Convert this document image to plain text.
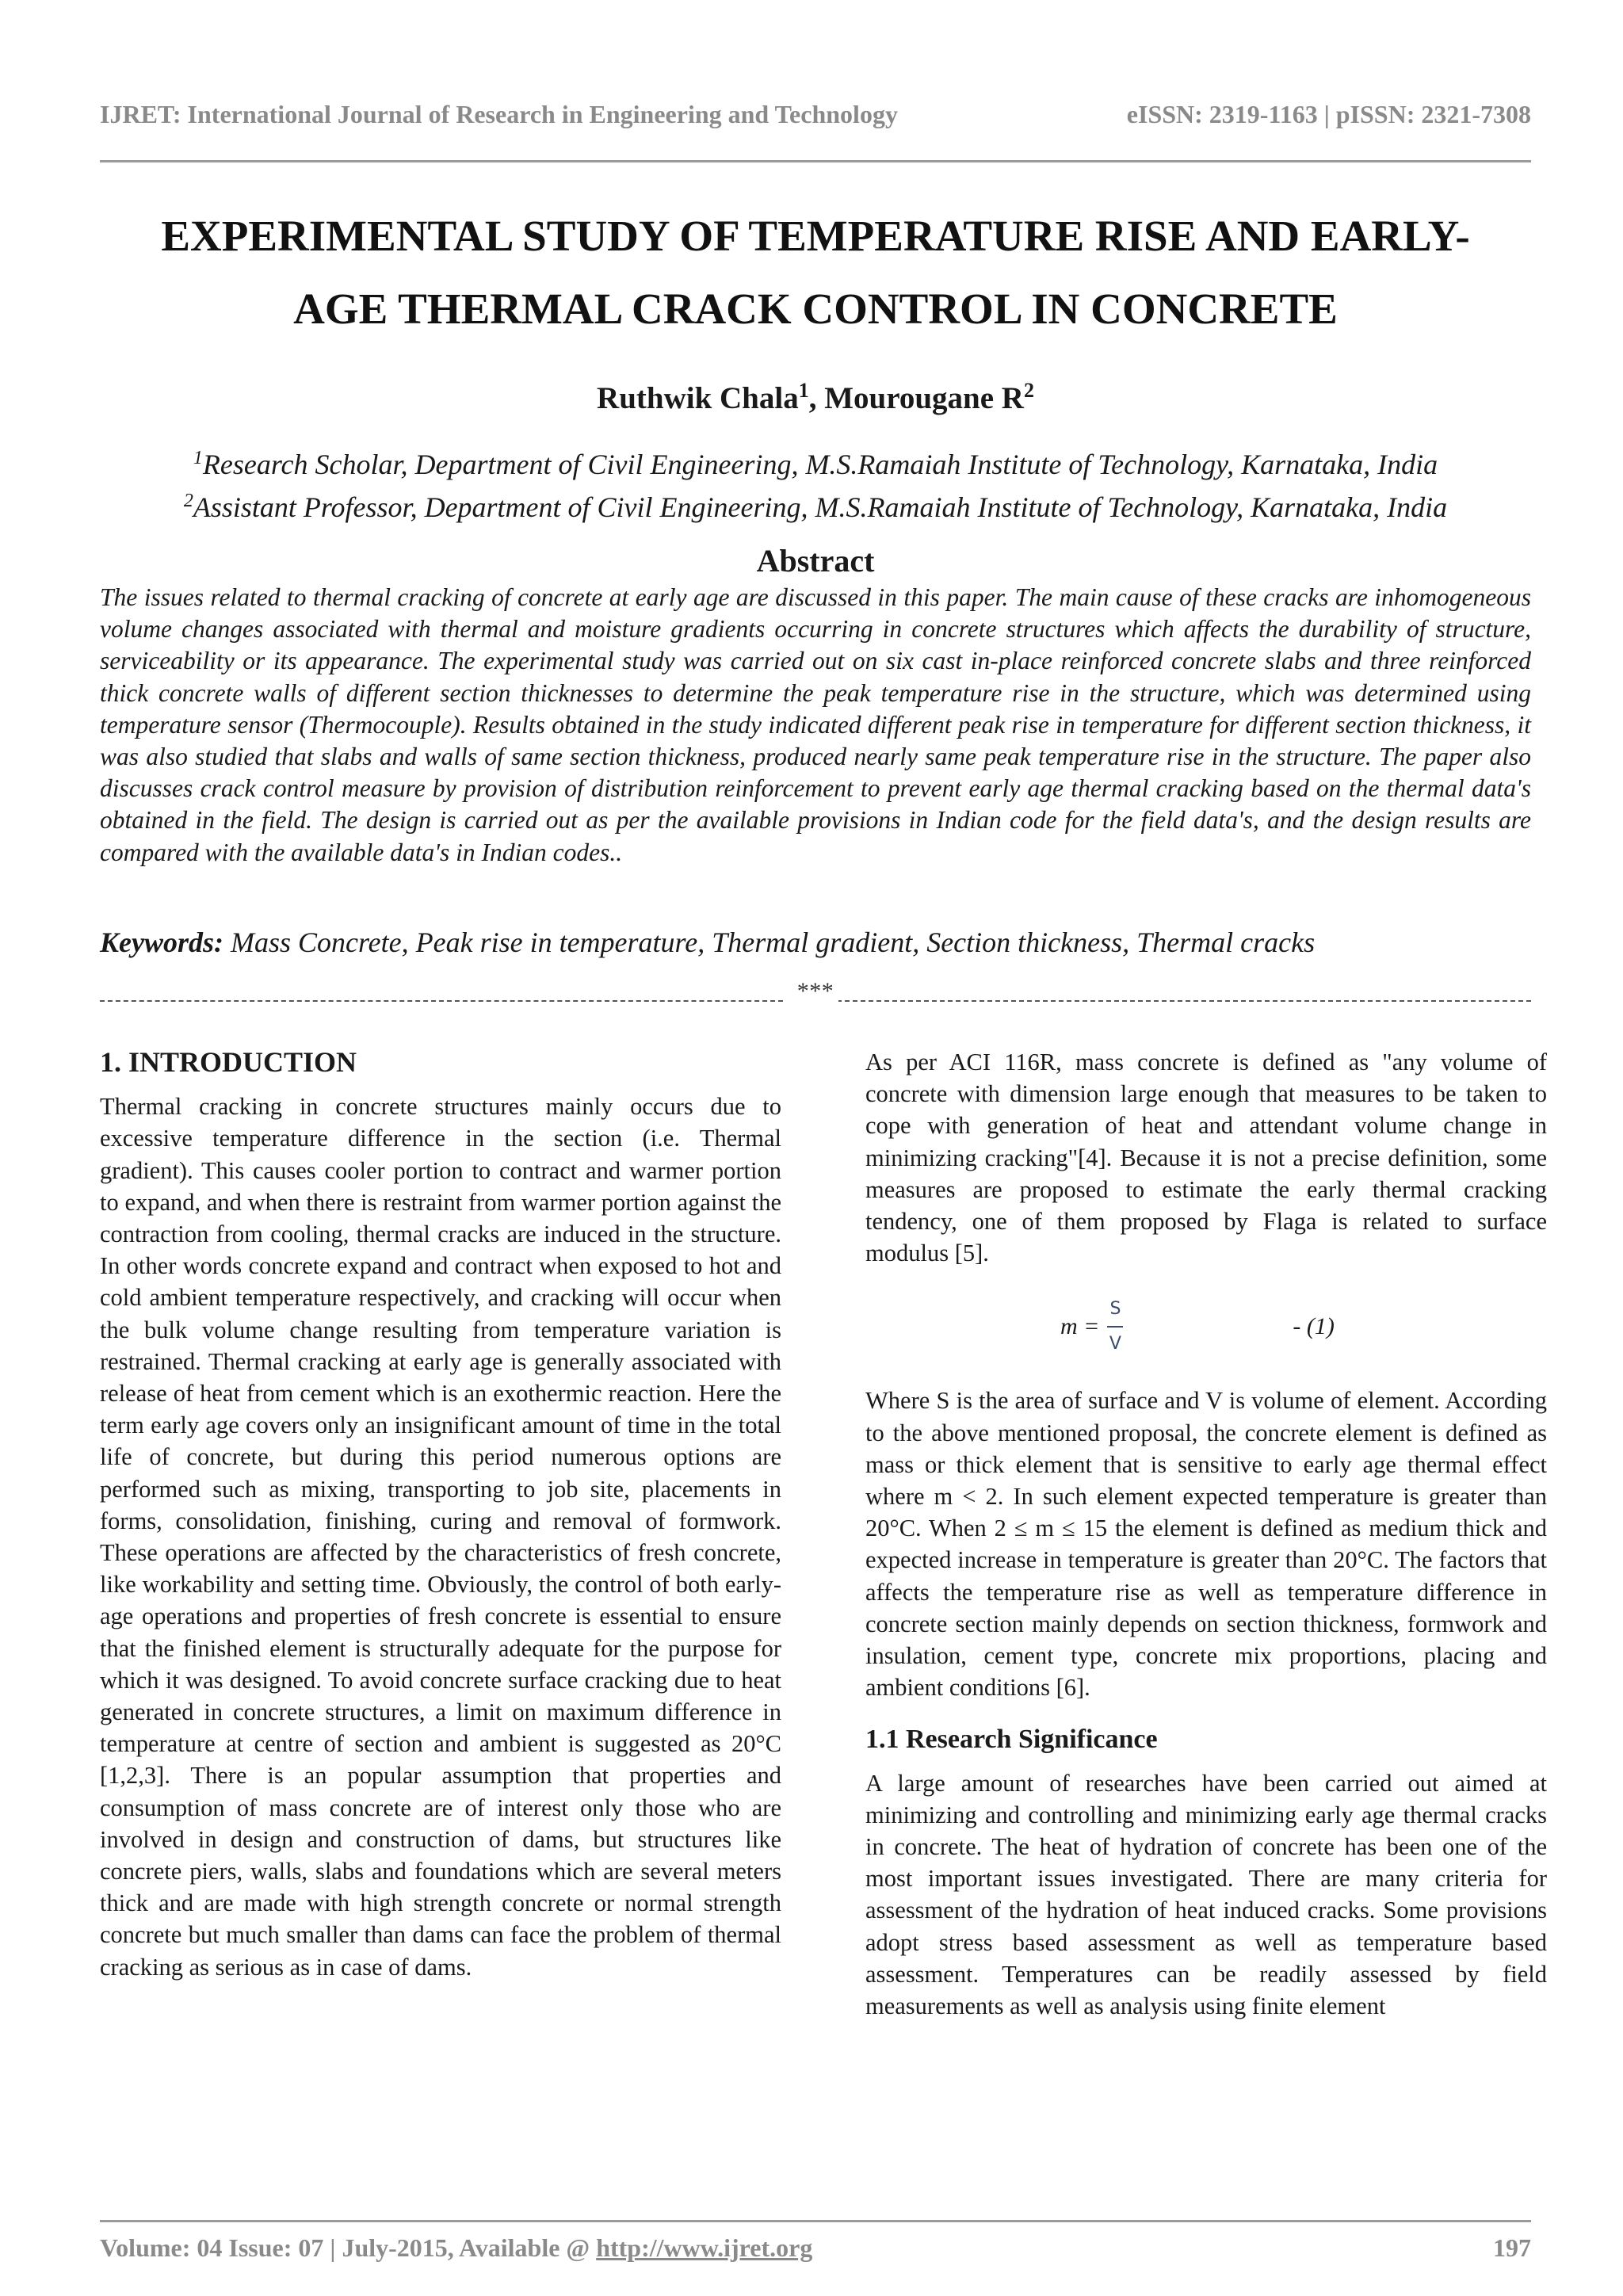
IJRET: International Journal of Research in Engineering and Technology	eISSN: 2319-1163 | pISSN: 2321-7308
EXPERIMENTAL STUDY OF TEMPERATURE RISE AND EARLY-
AGE THERMAL CRACK CONTROL IN CONCRETE
Ruthwik Chala$^1$, Mourougane $R^2$
$^1$Research Scholar, Department of Civil Engineering, M.S.Ramaiah Institute of Technology, Karnataka, India
$^2$Assistant Professor, Department of Civil Engineering, M.S.Ramaiah Institute of Technology, Karnataka, India
Abstract
The issues related to thermal cracking of concrete at early age are discussed in this paper. The main cause of these cracks are inhomogeneous volume changes associated with thermal and moisture gradients occurring in concrete structures which affects the durability of structure, serviceability or its appearance. The experimental study was carried out on six cast in-place reinforced concrete slabs and three reinforced thick concrete walls of different section thicknesses to determine the peak temperature rise in the structure, which was determined using temperature sensor (Thermocouple). Results obtained in the study indicated different peak rise in temperature for different section thickness, it was also studied that slabs and walls of same section thickness, produced nearly same peak temperature rise in the structure. The paper also discusses crack control measure by provision of distribution reinforcement to prevent early age thermal cracking based on the thermal data's obtained in the field. The design is carried out as per the available provisions in Indian code for the field data's, and the design results are compared with the available data's in Indian codes..
Keywords: Mass Concrete, Peak rise in temperature, Thermal gradient, Section thickness, Thermal cracks
***
1. INTRODUCTION

Thermal cracking in concrete structures mainly occurs due to excessive temperature difference in the section (i.e. Thermal gradient). This causes cooler portion to contract and warmer portion to expand, and when there is restraint from warmer portion against the contraction from cooling, thermal cracks are induced in the structure. In other words concrete expand and contract when exposed to hot and cold ambient temperature respectively, and cracking will occur when the bulk volume change resulting from temperature variation is restrained. Thermal cracking at early age is generally associated with release of heat from cement which is an exothermic reaction. Here the term early age covers only an insignificant amount of time in the total life of concrete, but during this period numerous options are performed such as mixing, transporting to job site, placements in forms, consolidation, finishing, curing and removal of formwork. These operations are affected by the characteristics of fresh concrete, like workability and setting time. Obviously, the control of both early-age operations and properties of fresh concrete is essential to ensure that the finished element is structurally adequate for the purpose for which it was designed. To avoid concrete surface cracking due to heat generated in concrete structures, a limit on maximum difference in temperature at centre of section and ambient is suggested as 20°C [1,2,3]. There is an popular assumption that properties and consumption of mass concrete are of interest only those who are involved in design and construction of dams, but structures like concrete piers, walls, slabs and foundations which are several meters thick and are made with high strength concrete or normal strength concrete but much smaller than dams can face the problem of thermal cracking as serious as in case of dams.

As per ACI 116R, mass concrete is defined as "any volume of concrete with dimension large enough that measures to be taken to cope with generation of heat and attendant volume change in minimizing cracking"[4]. Because it is not a precise definition, some measures are proposed to estimate the early thermal cracking tendency, one of them proposed by Flaga is related to surface modulus [5].

$m = \frac{S}{V}$	- (1)

Where S is the area of surface and V is volume of element. According to the above mentioned proposal, the concrete element is defined as mass or thick element that is sensitive to early age thermal effect where m < 2. In such element expected temperature is greater than 20°C. When 2 ≤ m ≤ 15 the element is defined as medium thick and expected increase in temperature is greater than 20°C. The factors that affects the temperature rise as well as temperature difference in concrete section mainly depends on section thickness, formwork and insulation, cement type, concrete mix proportions, placing and ambient conditions [6].

1.1 Research Significance

A large amount of researches have been carried out aimed at minimizing and controlling and minimizing early age thermal cracks in concrete. The heat of hydration of concrete has been one of the most important issues investigated. There are many criteria for assessment of the hydration of heat induced cracks. Some provisions adopt stress based assessment as well as temperature based assessment. Temperatures can be readily assessed by field measurements as well as analysis using finite element

Volume: 04 Issue: 07 | July-2015, Available @ http://www.ijret.org	197
